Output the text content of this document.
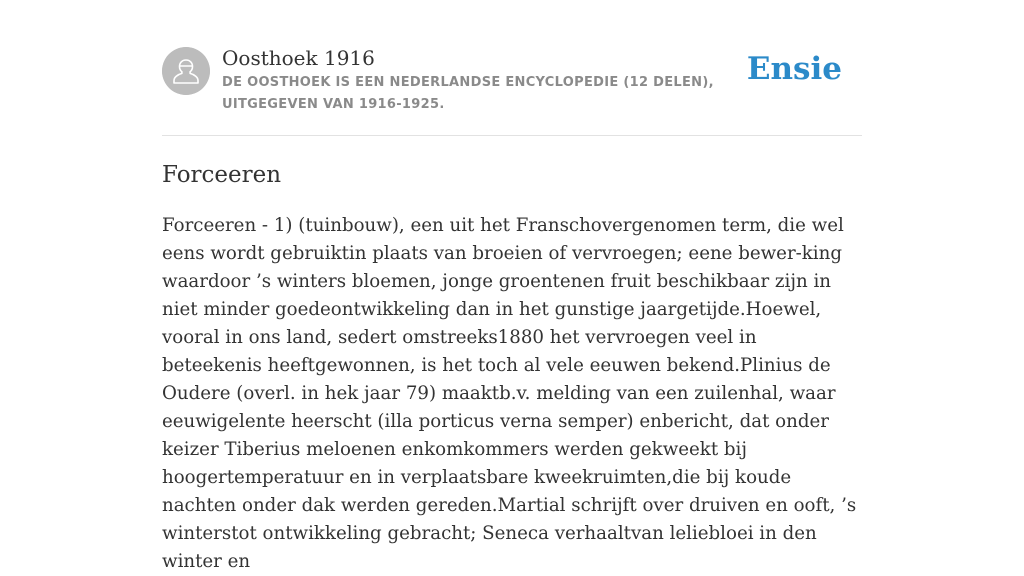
Oosthoek 1916
DE OOSTHOEK IS EEN NEDERLANDSE ENCYCLOPEDIE (12 DELEN), UITGEGEVEN VAN 1916-1925.
Ensie
Forceeren

Forceeren - 1) (tuinbouw), een uit het Franschovergenomen term, die wel eens wordt gebruiktin plaats van broeien of vervroegen; eene bewer-king waardoor ’s winters bloemen, jonge groentenen fruit beschikbaar zijn in niet minder goedeontwikkeling dan in het gunstige jaargetijde.Hoewel, vooral in ons land, sedert omstreeks1880 het vervroegen veel in beteekenis heeftgewonnen, is het toch al vele eeuwen bekend.Plinius de Oudere (overl. in hek jaar 79) maaktb.v. melding van een zuilenhal, waar eeuwigelente heerscht (illa porticus verna semper) enbericht, dat onder keizer Tiberius meloenen enkomkommers werden gekweekt bij hoogertemperatuur en in verplaatsbare kweekruimten,die bij koude nachten onder dak werden gereden.Martial schrijft over druiven en ooft, ’s winterstot ontwikkeling gebracht; Seneca verhaaltvan leliebloei in den winter en
